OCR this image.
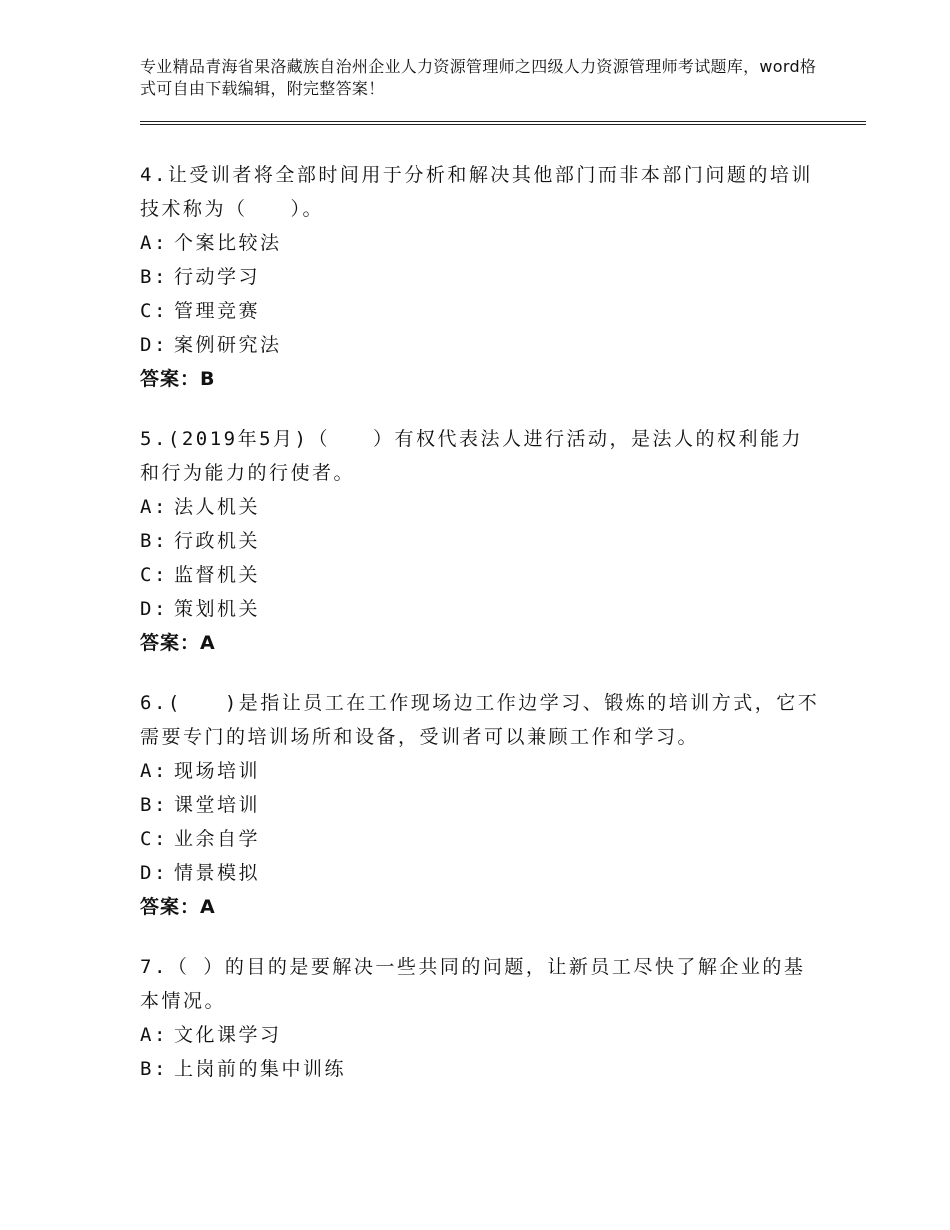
专业精品青海省果洛藏族自治州企业人力资源管理师之四级人力资源管理师考试题库，word格式可自由下载编辑，附完整答案！

4.让受训者将全部时间用于分析和解决其他部门而非本部门问题的培训技术称为（　　）。

A: 个案比较法
B: 行动学习
C: 管理竞赛
D: 案例研究法
答案：B

5.(2019年5月)（　　）有权代表法人进行活动，是法人的权利能力和行为能力的行使者。

A: 法人机关
B: 行政机关
C: 监督机关
D: 策划机关
答案：A

6.(　　)是指让员工在工作现场边工作边学习、锻炼的培训方式，它不需要专门的培训场所和设备，受训者可以兼顾工作和学习。

A: 现场培训
B: 课堂培训
C: 业余自学
D: 情景模拟
答案：A

7.（ ）的目的是要解决一些共同的问题，让新员工尽快了解企业的基本情况。

A: 文化课学习
B: 上岗前的集中训练
